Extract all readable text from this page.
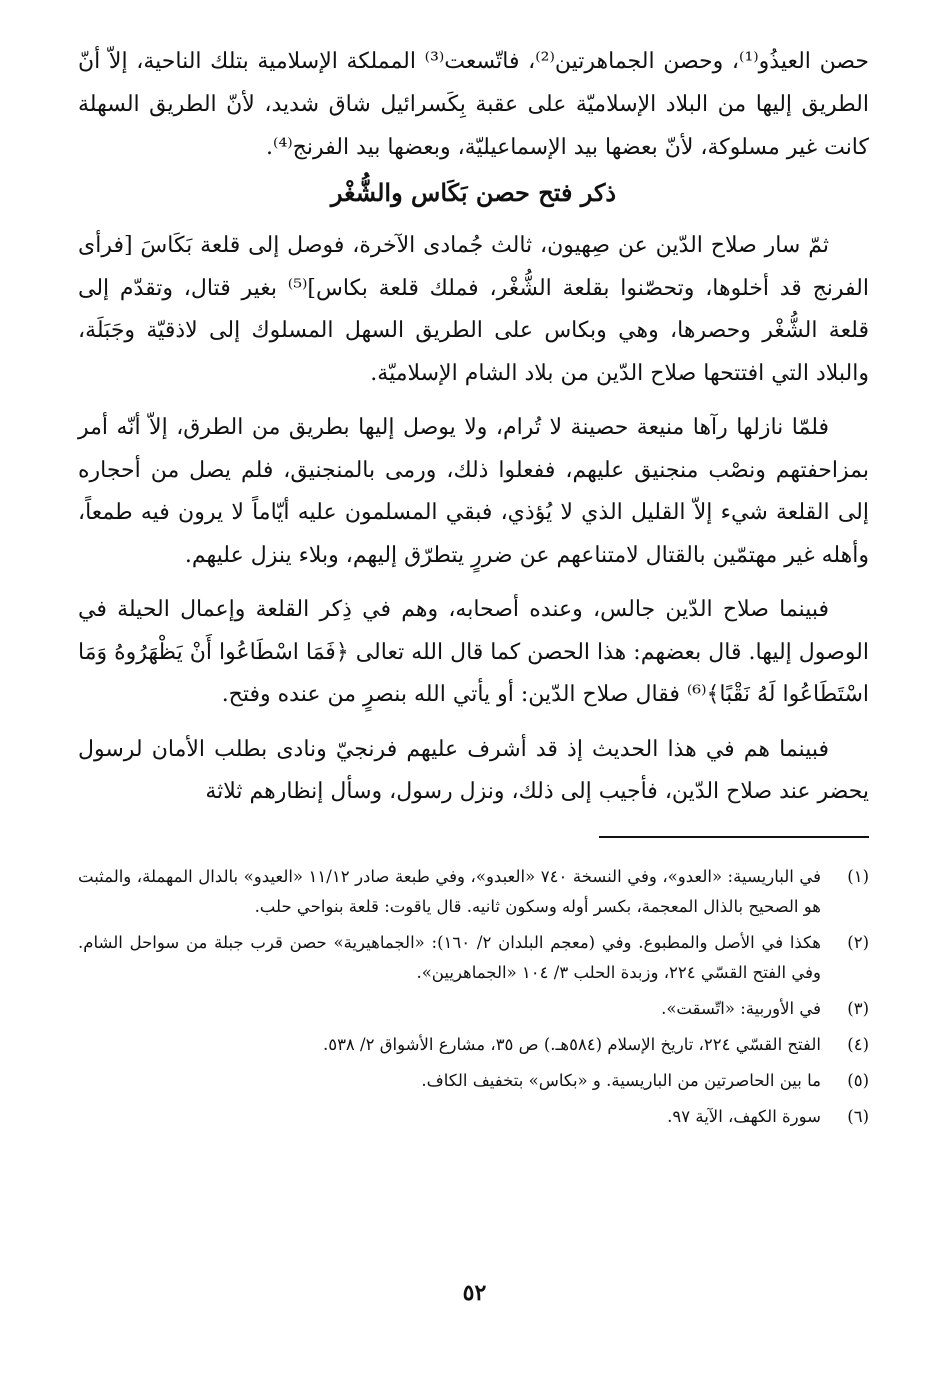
حصن العيذُو⁽¹⁾، وحصن الجماهرتين⁽²⁾، فاتّسعت⁽³⁾ المملكة الإسلامية بتلك الناحية، إلاّ أنّ الطريق إليها من البلاد الإسلاميّة على عقبة بِكَسرائيل شاق شديد، لأنّ الطريق السهلة كانت غير مسلوكة، لأنّ بعضها بيد الإسماعيليّة، وبعضها بيد الفرنج⁽⁴⁾.

ذكر فتح حصن بَكَاس والشُّغْر

ثمّ سار صلاح الدّين عن صِهيون، ثالث جُمادى الآخرة، فوصل إلى قلعة بَكَاسَ [فرأى الفرنج قد أخلوها، وتحصّنوا بقلعة الشُّغْر، فملك قلعة بكاس]⁽⁵⁾ بغير قتال، وتقدّم إلى قلعة الشُّغْر وحصرها، وهي وبكاس على الطريق السهل المسلوك إلى لاذقيّة وجَبَلَة، والبلاد التي افتتحها صلاح الدّين من بلاد الشام الإسلاميّة.

فلمّا نازلها رآها منيعة حصينة لا تُرام، ولا يوصل إليها بطريق من الطرق، إلاّ أنّه أمر بمزاحفتهم ونصْب منجنيق عليهم، ففعلوا ذلك، ورمى بالمنجنيق، فلم يصل من أحجاره إلى القلعة شيء إلاّ القليل الذي لا يُؤذي، فبقي المسلمون عليه أيّاماً لا يرون فيه طمعاً، وأهله غير مهتمّين بالقتال لامتناعهم عن ضررٍ يتطرّق إليهم، وبلاء ينزل عليهم.

فبينما صلاح الدّين جالس، وعنده أصحابه، وهم في ذِكر القلعة وإعمال الحيلة في الوصول إليها. قال بعضهم: هذا الحصن كما قال الله تعالى ﴿فَمَا اسْطَاعُوا أَنْ يَظْهَرُوهُ وَمَا اسْتَطَاعُوا لَهُ نَقْبًا﴾⁽⁶⁾ فقال صلاح الدّين: أو يأتي الله بنصرٍ من عنده وفتح.

فبينما هم في هذا الحديث إذ قد أشرف عليهم فرنجيّ ونادى بطلب الأمان لرسول يحضر عند صلاح الدّين، فأجيب إلى ذلك، ونزل رسول، وسأل إنظارهم ثلاثة

(١)
في الباريسية: «العدو»، وفي النسخة ٧٤٠ «العبدو»، وفي طبعة صادر ١١/١٢ «العيدو» بالدال المهملة، والمثبت هو الصحيح بالذال المعجمة، بكسر أوله وسكون ثانيه. قال ياقوت: قلعة بنواحي حلب.
(٢)
هكذا في الأصل والمطبوع. وفي (معجم البلدان ٢/ ١٦٠): «الجماهيرية» حصن قرب جبلة من سواحل الشام. وفي الفتح القسّي ٢٢٤، وزبدة الحلب ٣/ ١٠٤ «الجماهريين».
(٣)
في الأوربية: «اتّسقت».
(٤)
الفتح القسّي ٢٢٤، تاريخ الإسلام (٥٨٤هـ.) ص ٣٥، مشارع الأشواق ٢/ ٥٣٨.
(٥)
ما بين الحاصرتين من الباريسية. و «بكاس» بتخفيف الكاف.
(٦)
سورة الكهف، الآية ٩٧.
٥٢
